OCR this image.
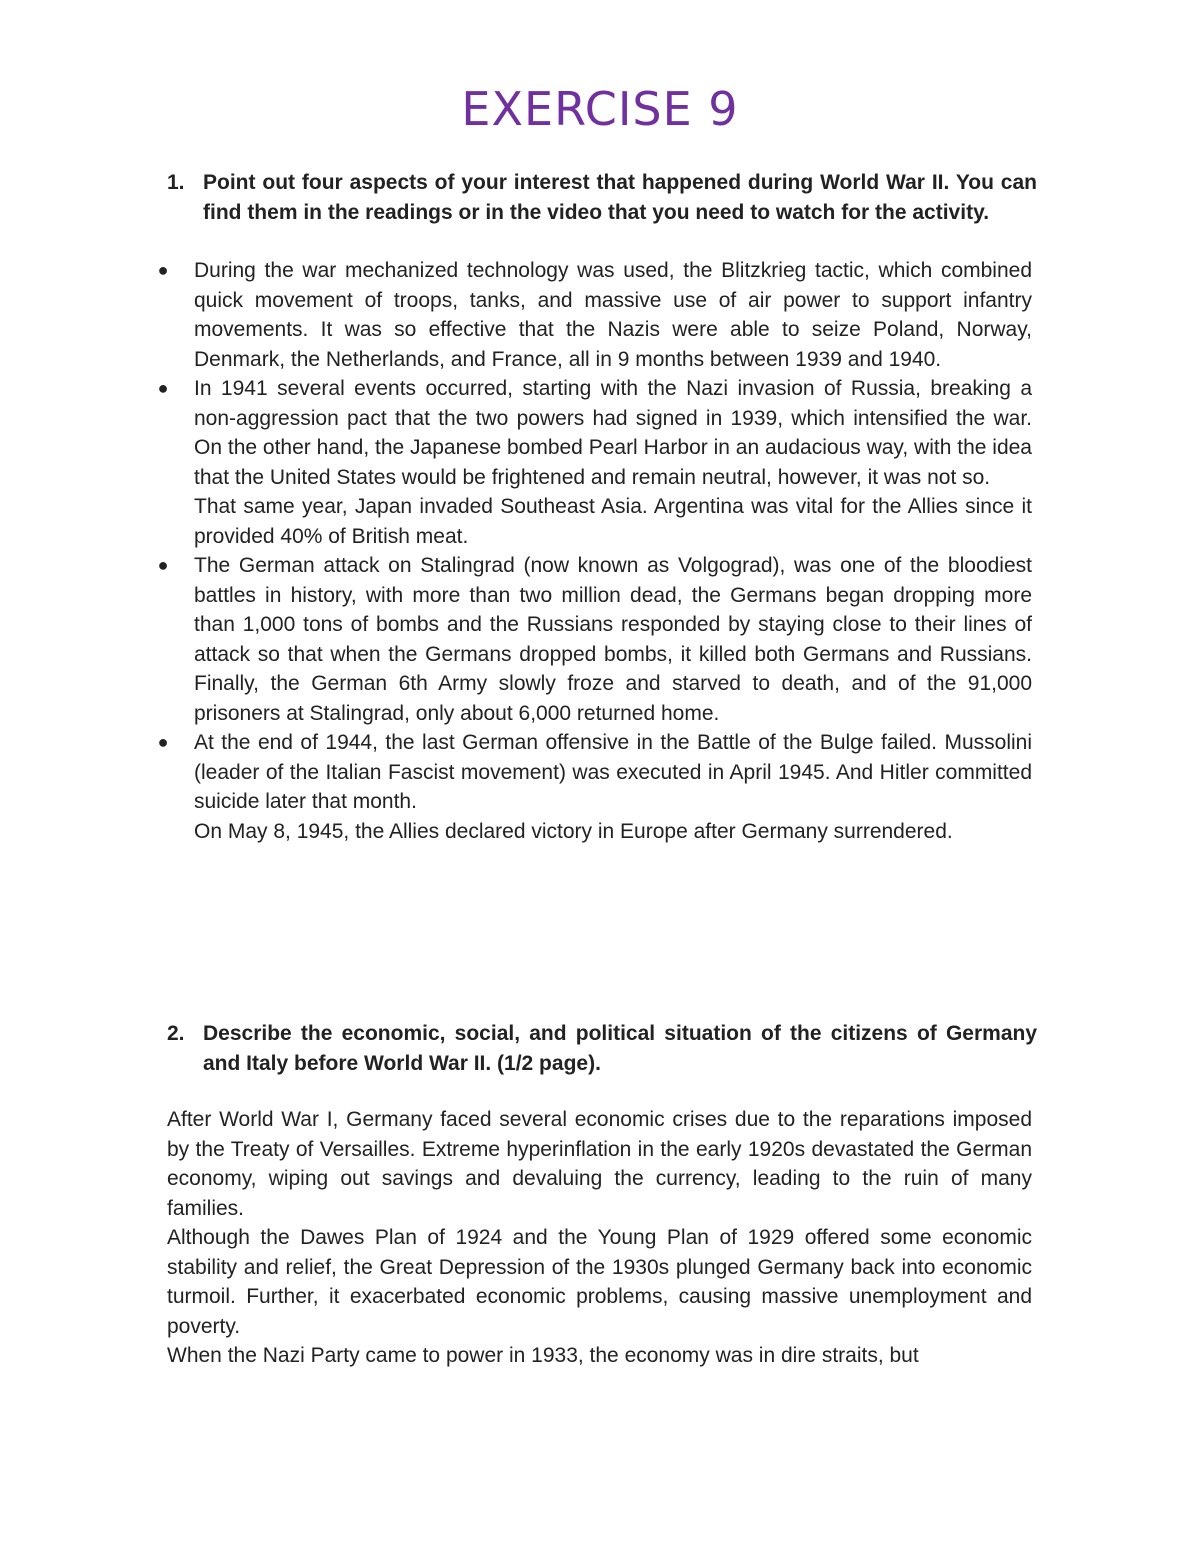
EXERCISE 9
1. Point out four aspects of your interest that happened during World War II. You can find them in the readings or in the video that you need to watch for the activity.
● During the war mechanized technology was used, the Blitzkrieg tactic, which combined quick movement of troops, tanks, and massive use of air power to support infantry movements. It was so effective that the Nazis were able to seize Poland, Norway, Denmark, the Netherlands, and France, all in 9 months between 1939 and 1940.

● In 1941 several events occurred, starting with the Nazi invasion of Russia, breaking a non-aggression pact that the two powers had signed in 1939, which intensified the war. On the other hand, the Japanese bombed Pearl Harbor in an audacious way, with the idea that the United States would be frightened and remain neutral, however, it was not so.

That same year, Japan invaded Southeast Asia. Argentina was vital for the Allies since it provided 40% of British meat.

● The German attack on Stalingrad (now known as Volgograd), was one of the bloodiest battles in history, with more than two million dead, the Germans began dropping more than 1,000 tons of bombs and the Russians responded by staying close to their lines of attack so that when the Germans dropped bombs, it killed both Germans and Russians. Finally, the German 6th Army slowly froze and starved to death, and of the 91,000 prisoners at Stalingrad, only about 6,000 returned home.

● At the end of 1944, the last German offensive in the Battle of the Bulge failed. Mussolini (leader of the Italian Fascist movement) was executed in April 1945. And Hitler committed suicide later that month.

On May 8, 1945, the Allies declared victory in Europe after Germany surrendered.

2. Describe the economic, social, and political situation of the citizens of Germany and Italy before World War II. (1/2 page).

After World War I, Germany faced several economic crises due to the reparations imposed by the Treaty of Versailles. Extreme hyperinflation in the early 1920s devastated the German economy, wiping out savings and devaluing the currency, leading to the ruin of many families.

Although the Dawes Plan of 1924 and the Young Plan of 1929 offered some economic stability and relief, the Great Depression of the 1930s plunged Germany back into economic turmoil. Further, it exacerbated economic problems, causing massive unemployment and poverty.

When the Nazi Party came to power in 1933, the economy was in dire straits, but
